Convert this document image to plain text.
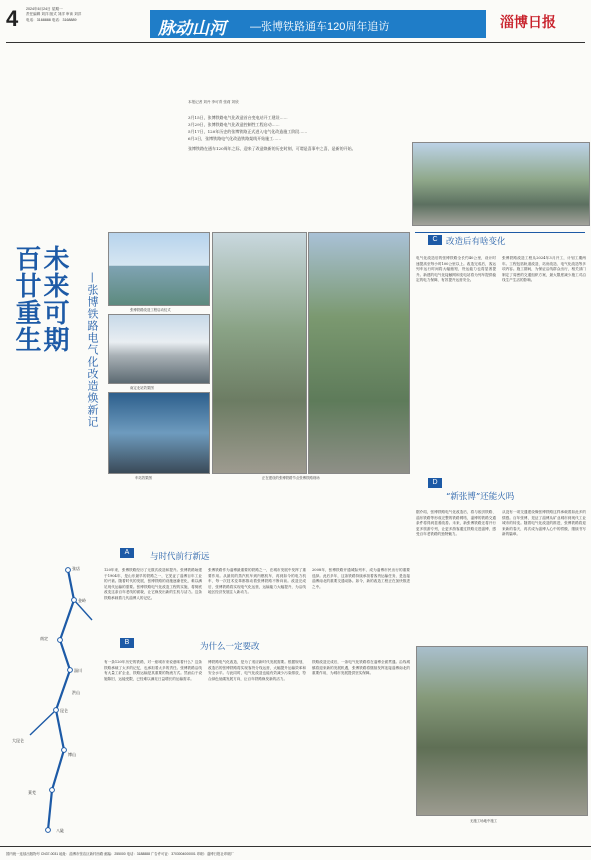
4 2024年6月24日 星期一
责任编辑 刘洋 版式 刘洋 审读 刘洋
电话：3168888 电话：3168889	脉动山河 —张博铁路通车120周年追访	淄博日报
本报记者 刘丹 李可青 张莉 刘欣
3月15日，张博铁路电气化改造首台变电站开工建设……
3月29日，张博铁路电气化改造控制性工程启动……
5月17日，120年历史的张博铁路正式进入电气化改造施工阶段……
6月3日，张博铁路电气化改造铁路架线开始施工……
张博铁路在通车120周年之际，迎来了改造焕新的历史时刻，可谓是喜事中之喜，是新的开始。
百廿重生
未来可期 —张博铁路电气化改造焕新记	张博铁路改造工程启动仪式
南定北站效果图
车站效果图	正在建设的张博铁路节点张博铁路现场
C 改造后有啥变化
电气化改造后的张博铁路全长约40公里，设计时速提高至每小时100公里以上。改造完成后，客运列车运行时间将大幅缩短，货运能力也将显著提升。新建的电气化接触网和变电站将为列车提供稳定的电力保障，有效提升运营安全。
张博铁路改造工程从2024年3月开工，计划工期两年。工程包括轨道改造、站房改造、电气化改造等多项内容。施工期间，为保证沿线群众出行，相关部门制定了周密的交通组织方案，最大限度减少施工对沿线生产生活的影响。
D
“新张博”还能火吗
据介绍，张博铁路电气化改造后，将与胶济铁路、淄东铁路等形成完整的铁路网络，淄博的铁路交通条件将得到显著改善。未来，新张博铁路还将开行更多旅游专列，让更多游客通过铁路走进淄博，感受百年老铁路的独特魅力。
从没有一项交通建设像张博铁路这样承载着如此多的情感。百年张博，见证了淄博从矿业城市到现代工业城市的转变。随着电气化改造的推进，张博铁路将迎来新的春天，再次成为淄博人心中的骄傲，继续书写新的篇章。
无施工场地中施工
A	与时代前行新远
120年来，张博铁路经历了无数次改造和提升。张博铁路始建于1904年，是山东最早的铁路之一，它见证了淄博百年工业的兴衰。随着时代的发展，张博铁路的设施逐渐老化，难以满足现代运输的需要。张博铁路电气化改造工程的实施，将彻底改变这条百年老线的面貌，让它焕发出新的生机与活力。这条铁路承载着几代淄博人的记忆。
张博铁路作为淄博最重要的铁路之一，在城市发展中发挥了重要作用。从最初的蒸汽机车到内燃机车，再到如今的电力机车，每一次技术变革都推动着张博铁路不断向前。改造完成后，张博铁路将实现电气化运营，运输能力大幅提升，为沿线地区经济发展注入新动力。
2008年，张博铁路开通城际列车，成为淄博市民出行的重要选择。此后多年，这条铁路持续承担着客货运输任务，是连接淄博南北的重要交通动脉。如今，新的改造工程正在加快推进之中。
B	为什么一定要改
有一条120年历史的铁路，对一座城市来说意味着什么？这条铁路承载了太多的记忆，也承担着太多的责任。张博铁路沿线有大量工矿企业，铁路运输是其重要的物流方式。然而由于设施陈旧，运能受限，已经难以满足日益增长的运输需求。
博铁路电气化改造，是为了适应新时代发展需要。根据规划，改造后的张博铁路将实现客货分线运营，大幅提升运输效率和安全水平。与此同时，电气化改造也能有效减少污染排放，符合绿色低碳发展方向，让百年铁路焕发新的活力。
铁路改造完成后，一条电气化铁路将在淄博全面贯通。沿线城镇将迎来新的发展机遇，张博铁路将继续发挥连接淄博南北的重要作用，为城市发展提供坚实保障。
张店
金岭
南定
淄川
洪山
昆仑
大昆仑
博山
莱芜
八陡
国内统一连续出版物号 CN37-0031 地址：淄博市张店区新村西路 邮编：255000 电话：3188888 广告许可证：3703004000001 印刷：淄博日报社印刷厂
